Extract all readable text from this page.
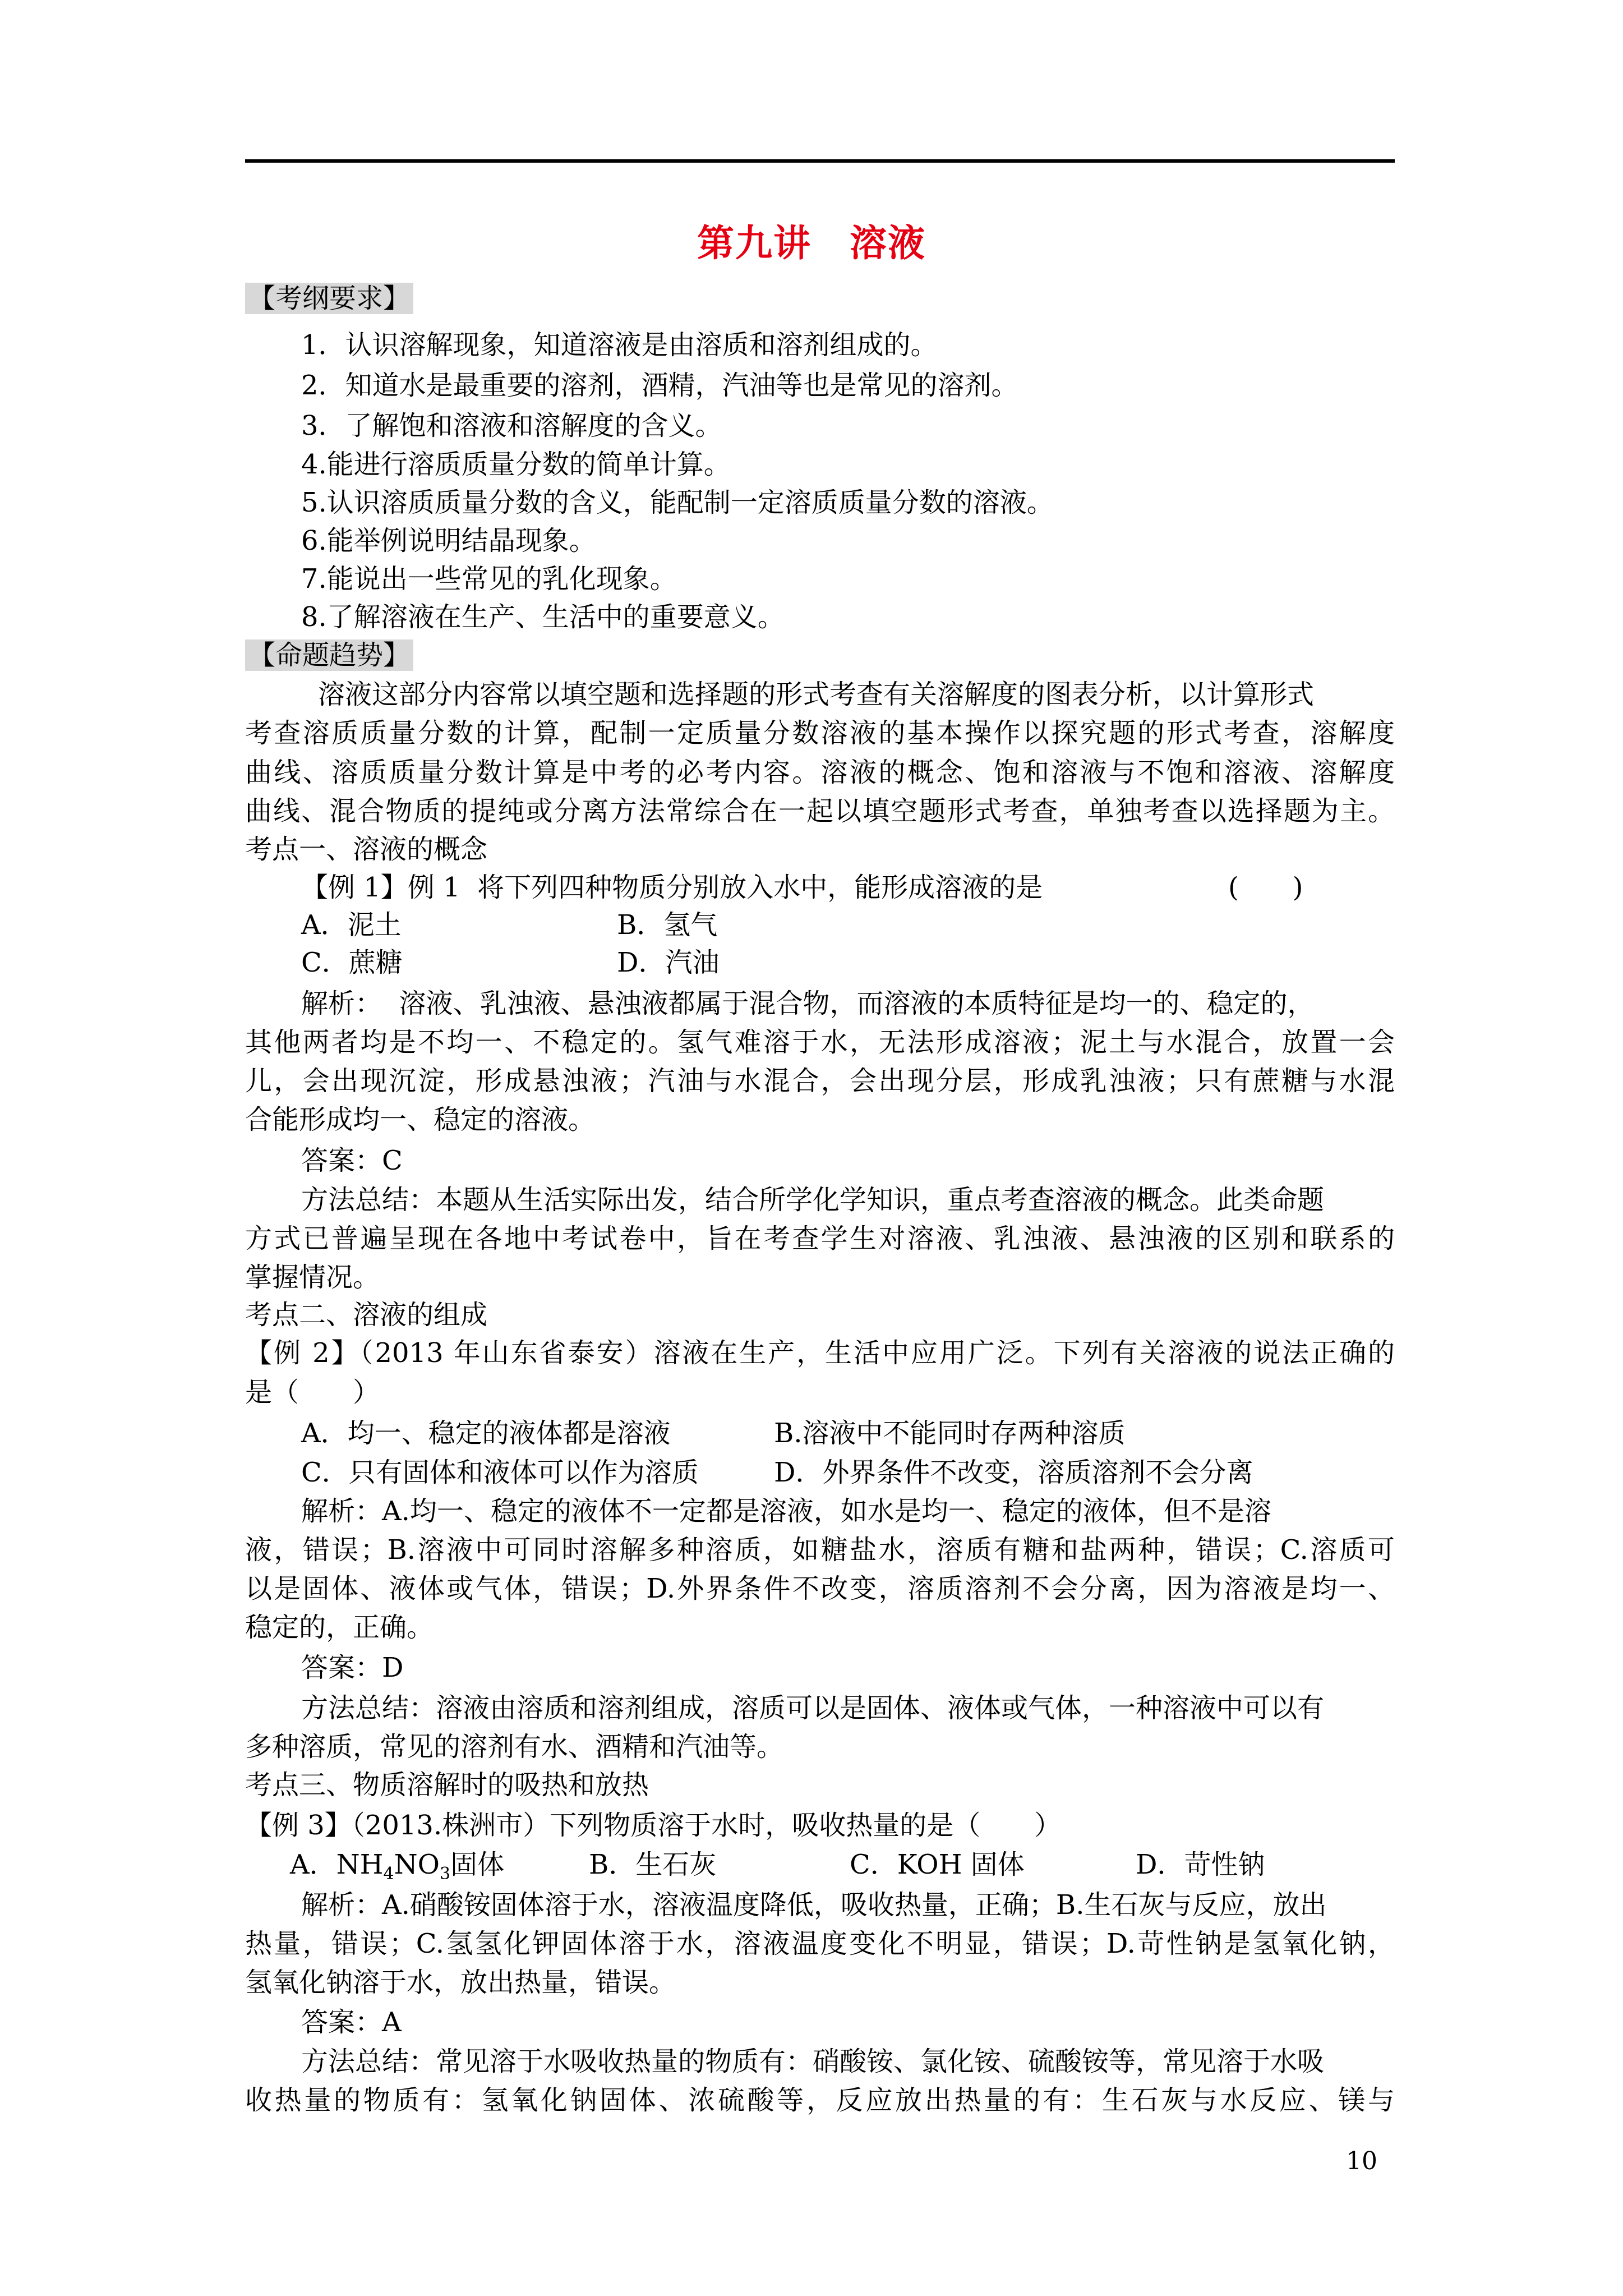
第九讲　溶液
【考纲要求】
1．认识溶解现象，知道溶液是由溶质和溶剂组成的。
2．知道水是最重要的溶剂，酒精，汽油等也是常见的溶剂。
3．了解饱和溶液和溶解度的含义。
4.能进行溶质质量分数的简单计算。
5.认识溶质质量分数的含义，能配制一定溶质质量分数的溶液。
6.能举例说明结晶现象。
7.能说出一些常见的乳化现象。
8.了解溶液在生产、生活中的重要意义。
【命题趋势】
溶液这部分内容常以填空题和选择题的形式考查有关溶解度的图表分析，以计算形式
考查溶质质量分数的计算，配制一定质量分数溶液的基本操作以探究题的形式考查，溶解度
曲线、溶质质量分数计算是中考的必考内容。溶液的概念、饱和溶液与不饱和溶液、溶解度
曲线、混合物质的提纯或分离方法常综合在一起以填空题形式考查，单独考查以选择题为主。
考点一、溶液的概念
【例 1】例 1  将下列四种物质分别放入水中，能形成溶液的是	(　　)
A．泥土	B．氢气
C．蔗糖	D．汽油
解析：  溶液、乳浊液、悬浊液都属于混合物，而溶液的本质特征是均一的、稳定的，
其他两者均是不均一、不稳定的。氢气难溶于水，无法形成溶液；泥土与水混合，放置一会
儿，会出现沉淀，形成悬浊液；汽油与水混合，会出现分层，形成乳浊液；只有蔗糖与水混
合能形成均一、稳定的溶液。
答案：C
方法总结：本题从生活实际出发，结合所学化学知识，重点考查溶液的概念。此类命题
方式已普遍呈现在各地中考试卷中，旨在考查学生对溶液、乳浊液、悬浊液的区别和联系的
掌握情况。
考点二、溶液的组成
【例 2】（2013 年山东省泰安）溶液在生产，生活中应用广泛。下列有关溶液的说法正确的
是（　　）
A．均一、稳定的液体都是溶液	B.溶液中不能同时存两种溶质
C．只有固体和液体可以作为溶质	D．外界条件不改变，溶质溶剂不会分离
解析：A.均一、稳定的液体不一定都是溶液，如水是均一、稳定的液体，但不是溶
液，错误；B.溶液中可同时溶解多种溶质，如糖盐水，溶质有糖和盐两种，错误；C.溶质可
以是固体、液体或气体，错误；D.外界条件不改变，溶质溶剂不会分离，因为溶液是均一、
稳定的，正确。
答案：D
方法总结：溶液由溶质和溶剂组成，溶质可以是固体、液体或气体，一种溶液中可以有
多种溶质，常见的溶剂有水、酒精和汽油等。
考点三、物质溶解时的吸热和放热
【例 3】（2013.株洲市）下列物质溶于水时，吸收热量的是（　　）
A．$NH_4NO_3$固体	B．生石灰	C．KOH 固体	D．苛性钠
解析：A.硝酸铵固体溶于水，溶液温度降低，吸收热量，正确；B.生石灰与反应，放出
热量，错误；C.氢氢化钾固体溶于水，溶液温度变化不明显，错误；D.苛性钠是氢氧化钠，
氢氧化钠溶于水，放出热量，错误。
答案：A
方法总结：常见溶于水吸收热量的物质有：硝酸铵、氯化铵、硫酸铵等，常见溶于水吸
收热量的物质有：氢氧化钠固体、浓硫酸等，反应放出热量的有：生石灰与水反应、镁与
10
